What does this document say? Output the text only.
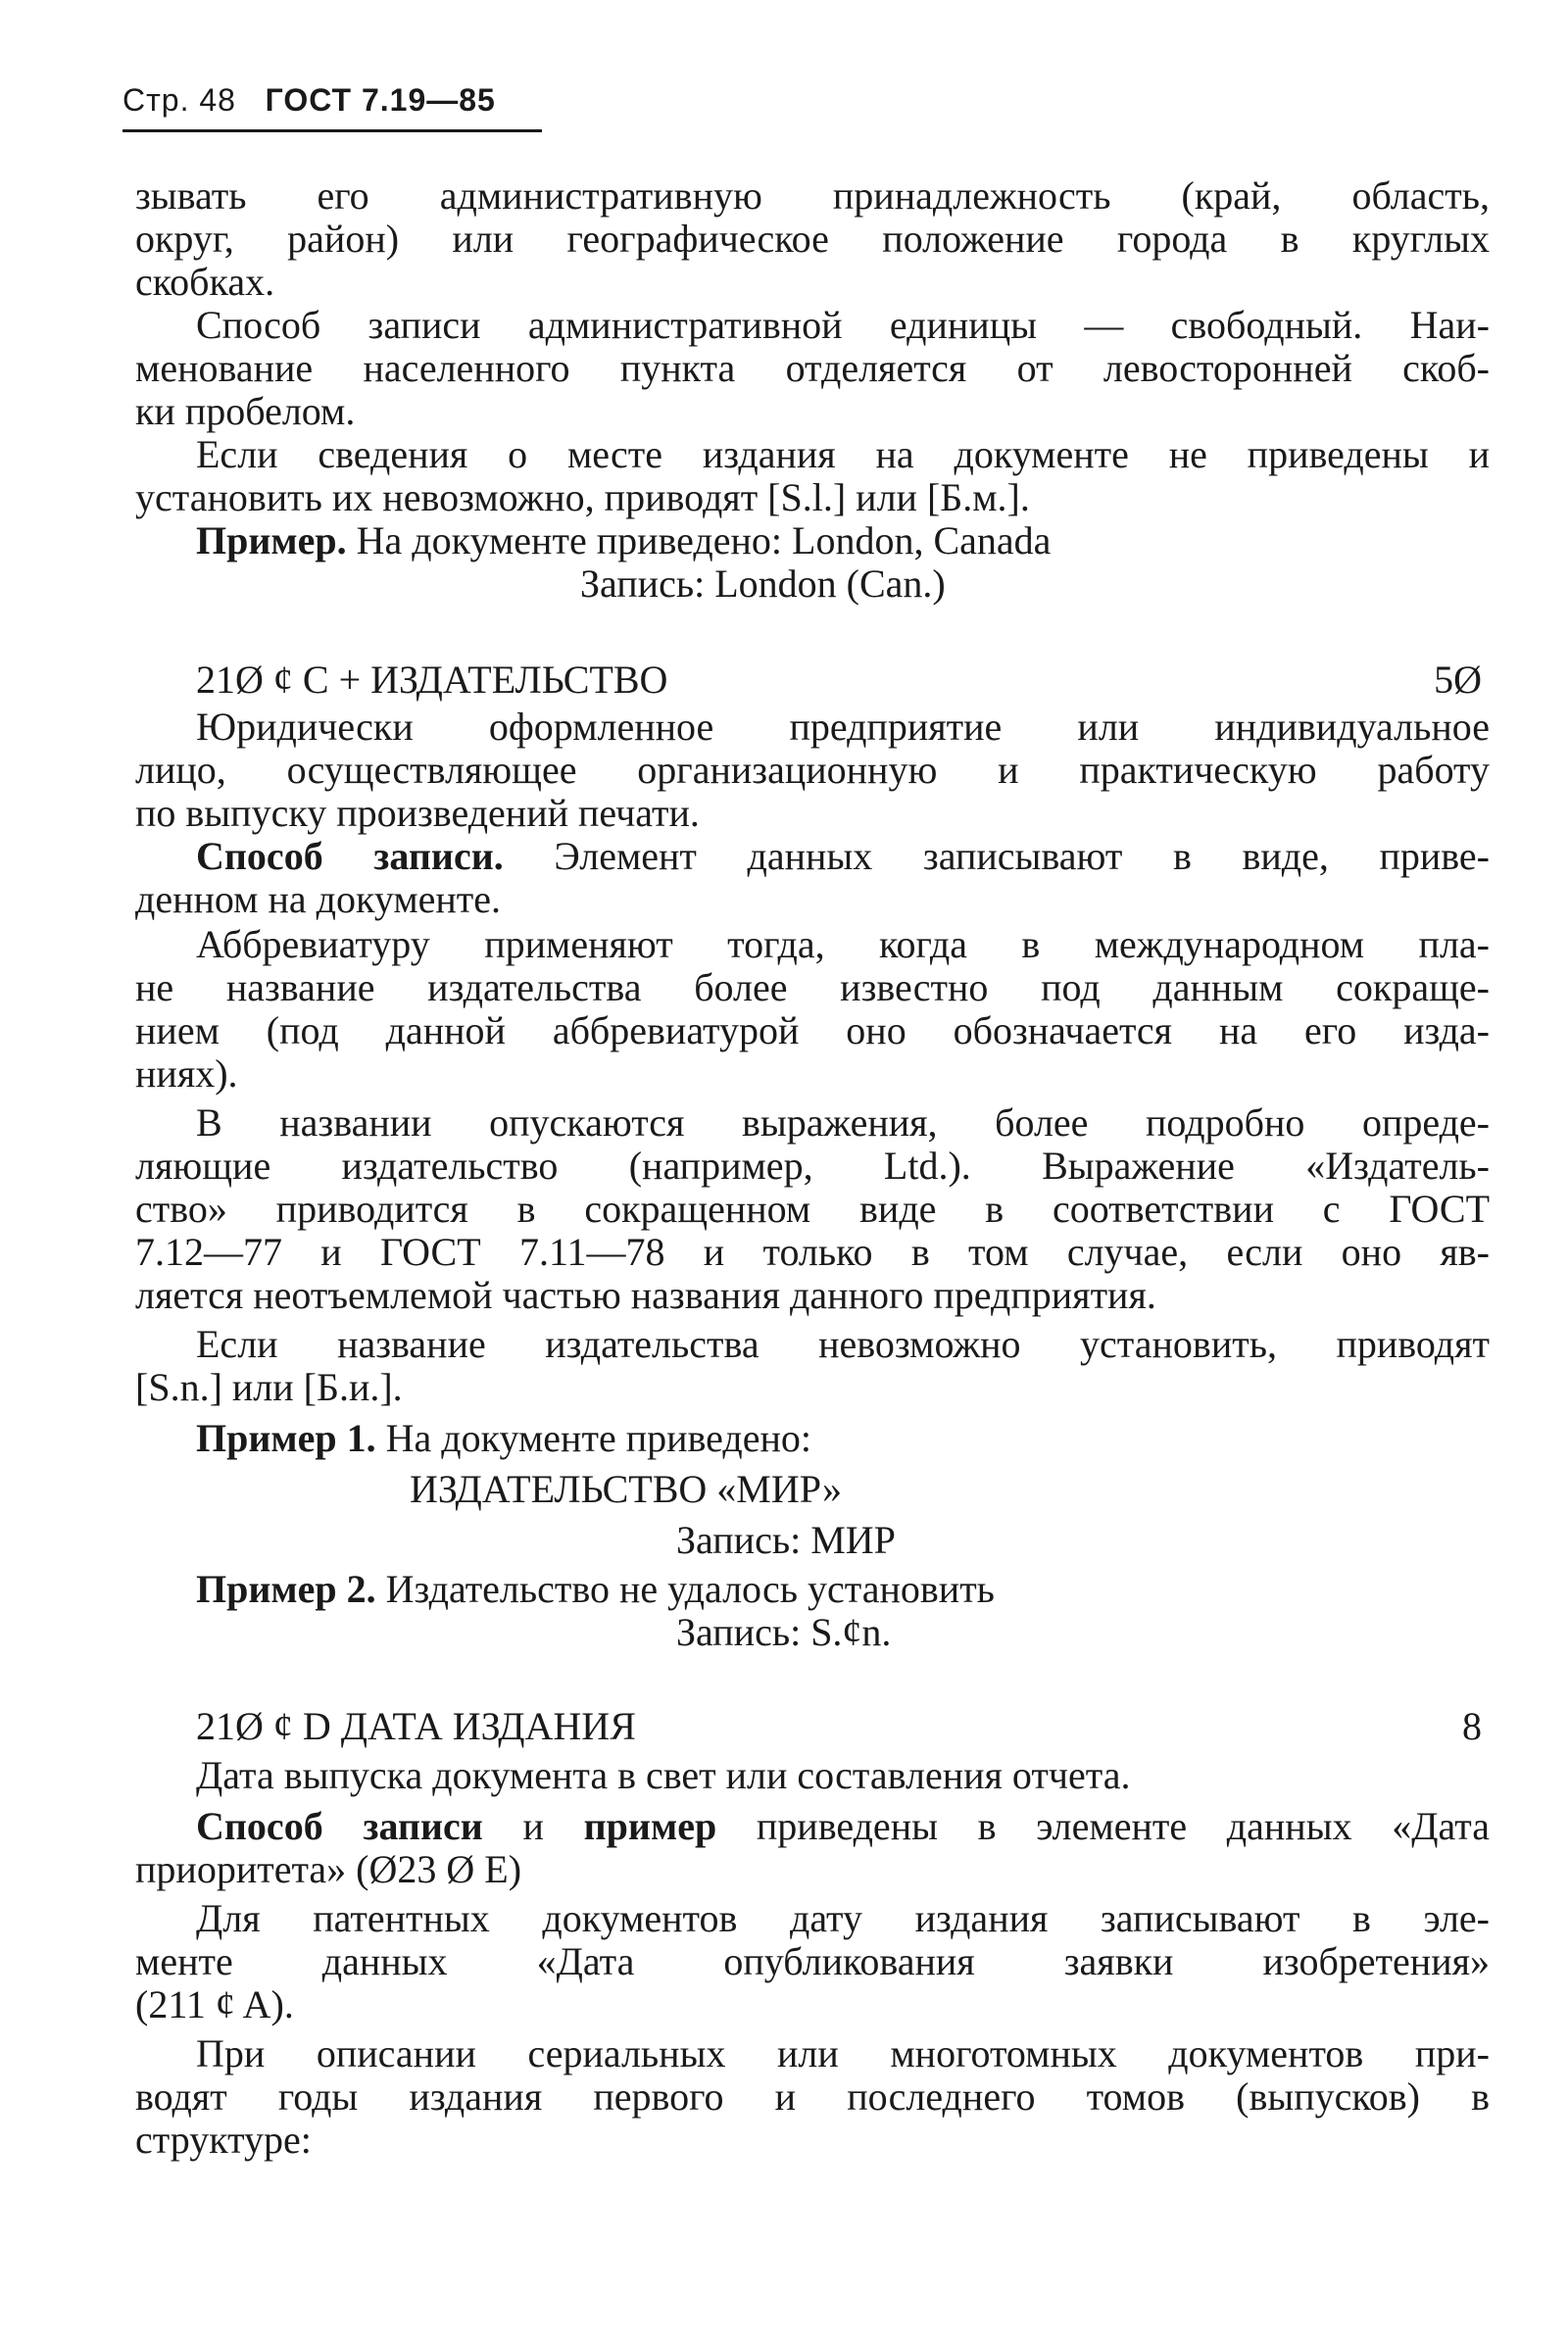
Стр. 48 ГОСТ 7.19—85
зывать его административную принадлежность (край, область,
округ, район) или географическое положение города в круглых
скобках.
Способ записи административной единицы — свободный. Наи-
менование населенного пункта отделяется от левосторонней скоб-
ки пробелом.
Если сведения о месте издания на документе не приведены и
установить их невозможно, приводят [S.l.] или [Б.м.].
Пример. На документе приведено: London, Canada
Запись: London (Can.)
21Ø ¢ C + ИЗДАТЕЛЬСТВО	5Ø
Юридически оформленное предприятие или индивидуальное
лицо, осуществляющее организационную и практическую работу
по выпуску произведений печати.
Способ записи. Элемент данных записывают в виде, приве-
денном на документе.
Аббревиатуру применяют тогда, когда в международном пла-
не название издательства более известно под данным сокраще-
нием (под данной аббревиатурой оно обозначается на его изда-
ниях).
В названии опускаются выражения, более подробно опреде-
ляющие издательство (например, Ltd.). Выражение «Издатель-
ство» приводится в сокращенном виде в соответствии с ГОСТ
7.12—77 и ГОСТ 7.11—78 и только в том случае, если оно яв-
ляется неотъемлемой частью названия данного предприятия.
Если название издательства невозможно установить, приводят
[S.n.] или [Б.и.].
Пример 1. На документе приведено:
ИЗДАТЕЛЬСТВО «МИР»
Запись: МИР
Пример 2. Издательство не удалось установить
Запись: S.¢n.
21Ø ¢ D ДАТА ИЗДАНИЯ	8
Дата выпуска документа в свет или составления отчета.
Способ записи и пример приведены в элементе данных «Дата
приоритета» (Ø23 Ø E)
Для патентных документов дату издания записывают в эле-
менте данных «Дата опубликования заявки изобретения»
(211 ¢ A).
При описании сериальных или многотомных документов при-
водят годы издания первого и последнего томов (выпусков) в
структуре:
